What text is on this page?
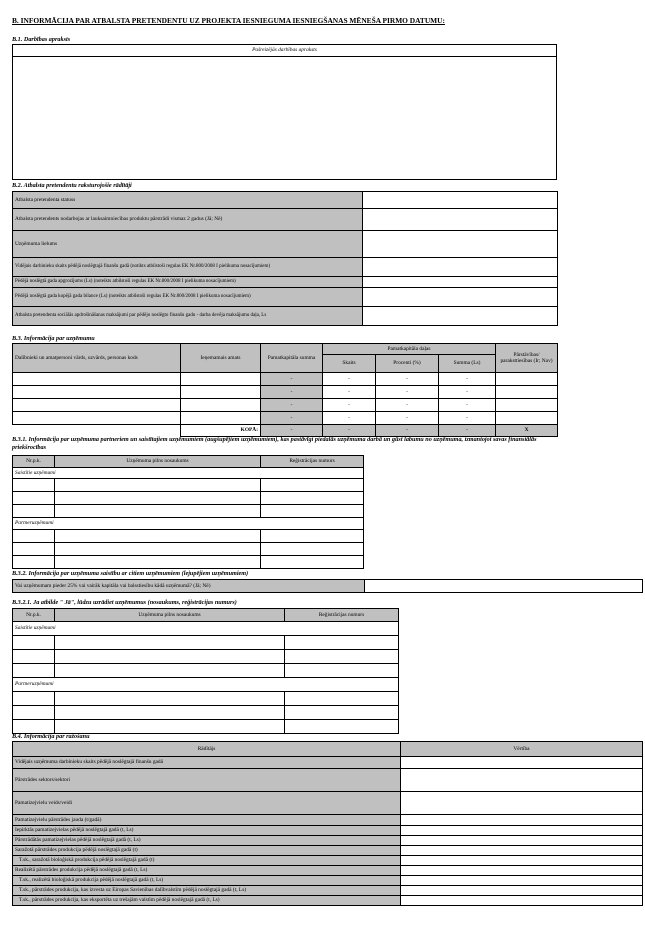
B. INFORMĀCIJA PAR ATBALSTA PRETENDENTU UZ PROJEKTA IESNIEGUMA IESNIEGŠANAS MĒNEŠA PIRMO DATUMU:
B.1. Darbības apraksts
Pašreizējās darbības apraksts

B.2. Atbalsta pretendentu raksturojošie rādītāji
Atbalsta pretendenta statuss	
Atbalsta pretendents nodarbojas ar lauksaimniecības produktu pārstrādi vismaz 2 gadus (Jā; Nē)	
Uzņēmuma lielums	
Vidējais darbinieku skaits pēdējā noslēgtajā finanšu gadā (notikts atbilstoši regulas EK Nr.800/2008 I pielikuma nosacījumiem)	
Pēdējā noslēgtā gada apgrozījums (Ls) (noteikts atbilstoši regulas EK Nr.800/2008 I pielikuma nosacījumiem)	
Pēdējā noslēgtā gada kopējā gada bilance (Ls) (noteikts atbilstoši regulas EK Nr.800/2008 I pielikuma nosacījumiem)	
Atbalsta pretendenta sociālās apdrošināšanas maksājumi par pēdējo noslēgto finanšu gadu - darba devēja maksājumu daļa, Ls	
B.3. Informācija par uzņēmumu
Dalībnieki un amatpersoni vārds, uzvārds, personas kods	Ieņemamais amats	Pamatkapitāla summa	Pamatkapitāla daļas			Pārstāvības/ paraksttiesības (Ir; Nav)
			Skaits	Procenti (%)	Summa (Ls)	
		-	-	-	-	
		-	-	-	-	
		-	-	-	-	
		-	-	-	-	
	KOPĀ:	-	-	-	-	X
B.3.1. Informācija par uzņēmuma partneriem un saistītajiem uzņēmumiem (augšupējiem uzņēmumiem), kas pastāvīgi piedalās uzņēmuma darbā un gūst labumu no uzņēmuma, izmantojot savas finansiālās priekšrocības
Nr.p.k.	Uzņēmuma pilns nosaukums	Reģistrācijas numurs
Saistītie uzņēmumi		

Partneruzņēmumi		

B.3.2. Informācija par uzņēmuma saistību ar citiem uzņēmumiem (lejupējiem uzņēmumiem)
Vai uzņēmumam pieder 25% vai vairāk kapitāla vai balsstiesību kādā uzņēmumā? (Jā; Nē)	
B.3.2.1. Ja atbilde " Jā", lūdzu uzrādiet uzņēmumus (nosaukums, reģistrācijas numurs)
Nr.p.k.	Uzņēmuma pilns nosaukums	Reģistrācijas numurs
Saistītie uzņēmumi		

Partneruzņēmumi		

B.4. Informācija par ražošanu
Rādītājs	Vērtība
Vidējais uzņēmuma darbinieku skaits pēdējā noslēgtajā finanšu gadā	
Pārstrādes sektors/sektori	
Pamatizejvielu veids/veidi	
Pamatizejvielu pārstrādes jauda (t/gadā)	
Iepirktās pamatizejvielas pēdējā noslēgtajā gadā (t, Ls)	
Pārstrādātās pamatizejvielas pēdējā noslēgtajā gadā (t, Ls)	
Saražotā pārstrādes produkcija pēdējā noslēgtajā gadā (t)	
T.sk., saražotā bioloģiskā produkcija pēdējā noslēgtajā gadā (t)	
Realizētā pārstrādes produkcija pēdējā noslēgtajā gadā (t, Ls)	
T.sk., realizētā bioloģiskā produkcija pēdējā noslēgtajā gadā (t, Ls)	
T.sk., pārstrādes produkcija, kas izvesta uz Eiropas Savienības dalībvalstīm pēdējā noslēgtajā gadā (t, Ls)	
T.sk., pārstrādes produkcija, kas eksportēta uz trešajām valstīm pēdējā noslēgtajā gadā (t, Ls)	
